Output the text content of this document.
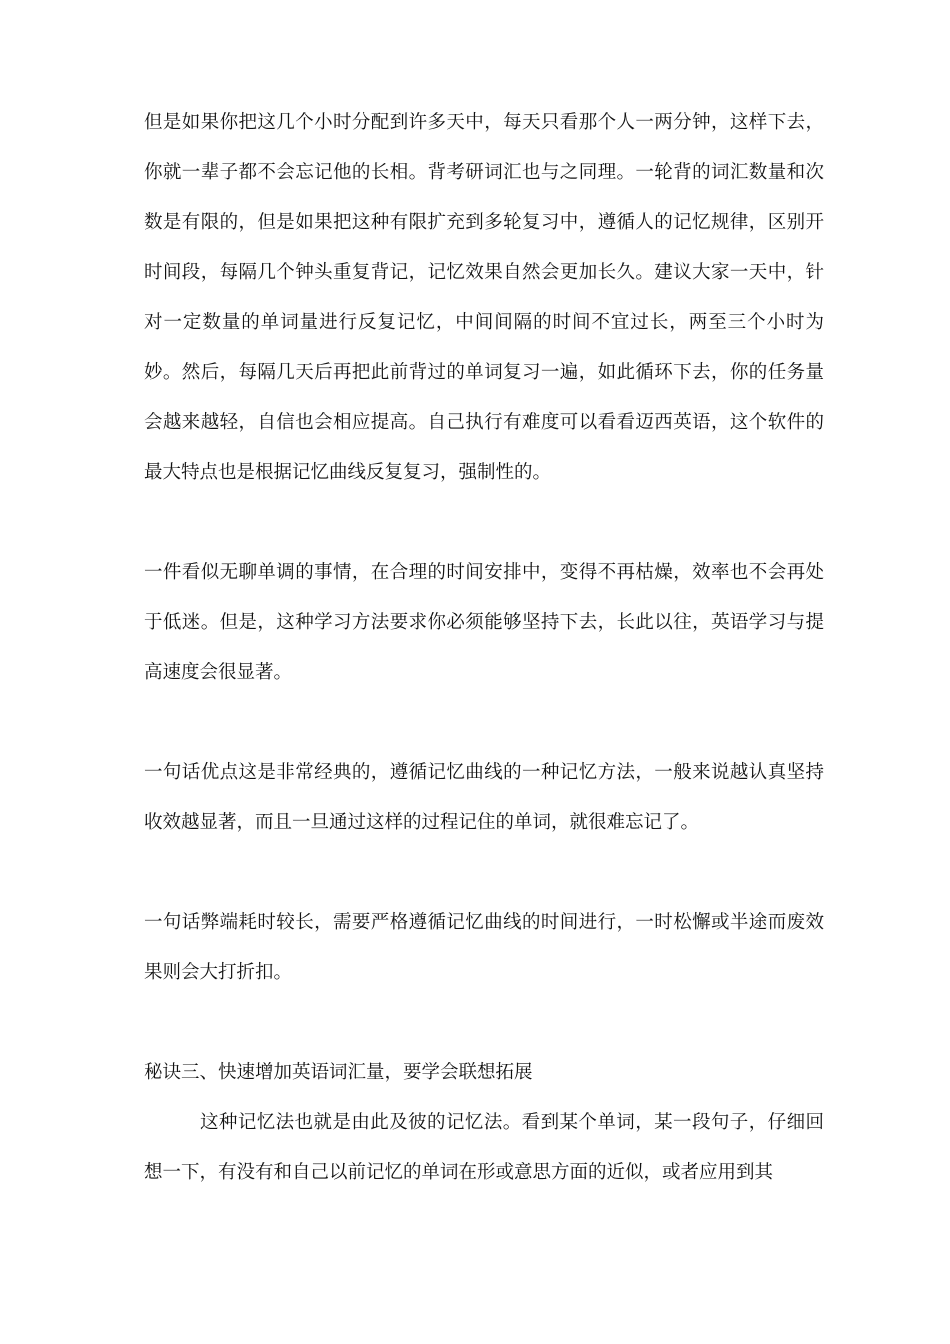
但是如果你把这几个小时分配到许多天中，每天只看那个人一两分钟，这样下去，你就一辈子都不会忘记他的长相。背考研词汇也与之同理。一轮背的词汇数量和次数是有限的，但是如果把这种有限扩充到多轮复习中，遵循人的记忆规律，区别开时间段，每隔几个钟头重复背记，记忆效果自然会更加长久。建议大家一天中，针对一定数量的单词量进行反复记忆，中间间隔的时间不宜过长，两至三个小时为妙。然后，每隔几天后再把此前背过的单词复习一遍，如此循环下去，你的任务量会越来越轻，自信也会相应提高。自己执行有难度可以看看迈西英语，这个软件的最大特点也是根据记忆曲线反复复习，强制性的。

一件看似无聊单调的事情，在合理的时间安排中，变得不再枯燥，效率也不会再处于低迷。但是，这种学习方法要求你必须能够坚持下去，长此以往，英语学习与提高速度会很显著。

一句话优点这是非常经典的，遵循记忆曲线的一种记忆方法，一般来说越认真坚持收效越显著，而且一旦通过这样的过程记住的单词，就很难忘记了。

一句话弊端耗时较长，需要严格遵循记忆曲线的时间进行，一时松懈或半途而废效果则会大打折扣。

秘诀三、快速增加英语词汇量，要学会联想拓展

这种记忆法也就是由此及彼的记忆法。看到某个单词，某一段句子，仔细回想一下，有没有和自己以前记忆的单词在形或意思方面的近似，或者应用到其
